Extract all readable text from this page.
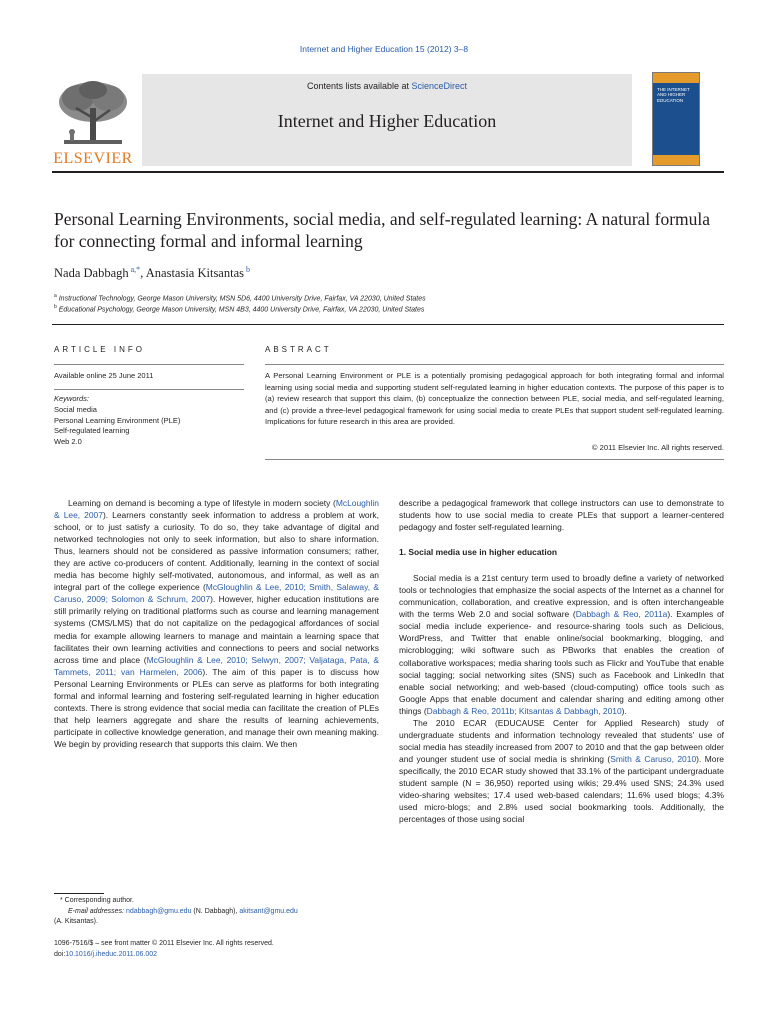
Internet and Higher Education 15 (2012) 3–8
ELSEVIER
Contents lists available at ScienceDirect
Internet and Higher Education
THE INTERNET AND HIGHER EDUCATION
Personal Learning Environments, social media, and self-regulated learning: A natural formula for connecting formal and informal learning
Nada Dabbagh $^{a,*}$, Anastasia Kitsantas $^b$
$^a$ Instructional Technology, George Mason University, MSN 5D6, 4400 University Drive, Fairfax, VA 22030, United States
$^b$ Educational Psychology, George Mason University, MSN 4B3, 4400 University Drive, Fairfax, VA 22030, United States
ARTICLE INFO	ABSTRACT
Available online 25 June 2011
Keywords:
Social media
Personal Learning Environment (PLE)
Self-regulated learning
Web 2.0
A Personal Learning Environment or PLE is a potentially promising pedagogical approach for both integrating formal and informal learning using social media and supporting student self-regulated learning in higher education contexts. The purpose of this paper is to (a) review research that support this claim, (b) conceptualize the connection between PLE, social media, and self-regulated learning, and (c) provide a three-level pedagogical framework for using social media to create PLEs that support student self-regulated learning. Implications for future research in this area are provided.
© 2011 Elsevier Inc. All rights reserved.

Learning on demand is becoming a type of lifestyle in modern society (McLoughlin & Lee, 2007). Learners constantly seek information to address a problem at work, school, or to just satisfy a curiosity. To do so, they take advantage of digital and networked technologies not only to seek information, but also to share information. Thus, learners should not be considered as passive information consumers; rather, they are active co-producers of content. Additionally, learning in the context of social media has become highly self-motivated, autonomous, and informal, as well as an integral part of the college experience (McGloughlin & Lee, 2010; Smith, Salaway, & Caruso, 2009; Solomon & Schrum, 2007). However, higher education institutions are still primarily relying on traditional platforms such as course and learning management systems (CMS/LMS) that do not capitalize on the pedagogical affordances of social media for example allowing learners to manage and maintain a learning space that facilitates their own learning activities and connections to peers and social networks across time and place (McGloughlin & Lee, 2010; Selwyn, 2007; Valjataga, Pata, & Tammets, 2011; van Harmelen, 2006). The aim of this paper is to discuss how Personal Learning Environments or PLEs can serve as platforms for both integrating formal and informal learning and fostering self-regulated learning in higher education contexts. There is strong evidence that social media can facilitate the creation of PLEs that help learners aggregate and share the results of learning achievements, participate in collective knowledge generation, and manage their own meaning making. We begin by providing research that supports this claim. We then

describe a pedagogical framework that college instructors can use to demonstrate to students how to use social media to create PLEs that support a learner-centered pedagogy and foster self-regulated learning.
1. Social media use in higher education

Social media is a 21st century term used to broadly define a variety of networked tools or technologies that emphasize the social aspects of the Internet as a channel for communication, collaboration, and creative expression, and is often interchangeable with the terms Web 2.0 and social software (Dabbagh & Reo, 2011a). Examples of social media include experience- and resource-sharing tools such as Delicious, WordPress, and Twitter that enable online/social bookmarking, blogging, and microblogging; wiki software such as PBworks that enables the creation of collaborative workspaces; media sharing tools such as Flickr and YouTube that enable social tagging; social networking sites (SNS) such as Facebook and LinkedIn that enable social networking; and web-based (cloud-computing) office tools such as Google Apps that enable document and calendar sharing and editing among other things (Dabbagh & Reo, 2011b; Kitsantas & Dabbagh, 2010).

The 2010 ECAR (EDUCAUSE Center for Applied Research) study of undergraduate students and information technology revealed that students' use of social media has steadily increased from 2007 to 2010 and that the gap between older and younger student use of social media is shrinking (Smith & Caruso, 2010). More specifically, the 2010 ECAR study showed that 33.1% of the participant undergraduate student sample (N = 36,950) reported using wikis; 29.4% used SNS; 24.3% used video-sharing websites; 17.4 used web-based calendars; 11.6% used blogs; 4.3% used micro-blogs; and 2.8% used social bookmarking tools. Additionally, the percentages of those using social

* Corresponding author.
E-mail addresses: ndabbagh@gmu.edu (N. Dabbagh), akitsant@gmu.edu
(A. Kitsantas).
1096-7516/$ – see front matter © 2011 Elsevier Inc. All rights reserved.
doi:10.1016/j.iheduc.2011.06.002
